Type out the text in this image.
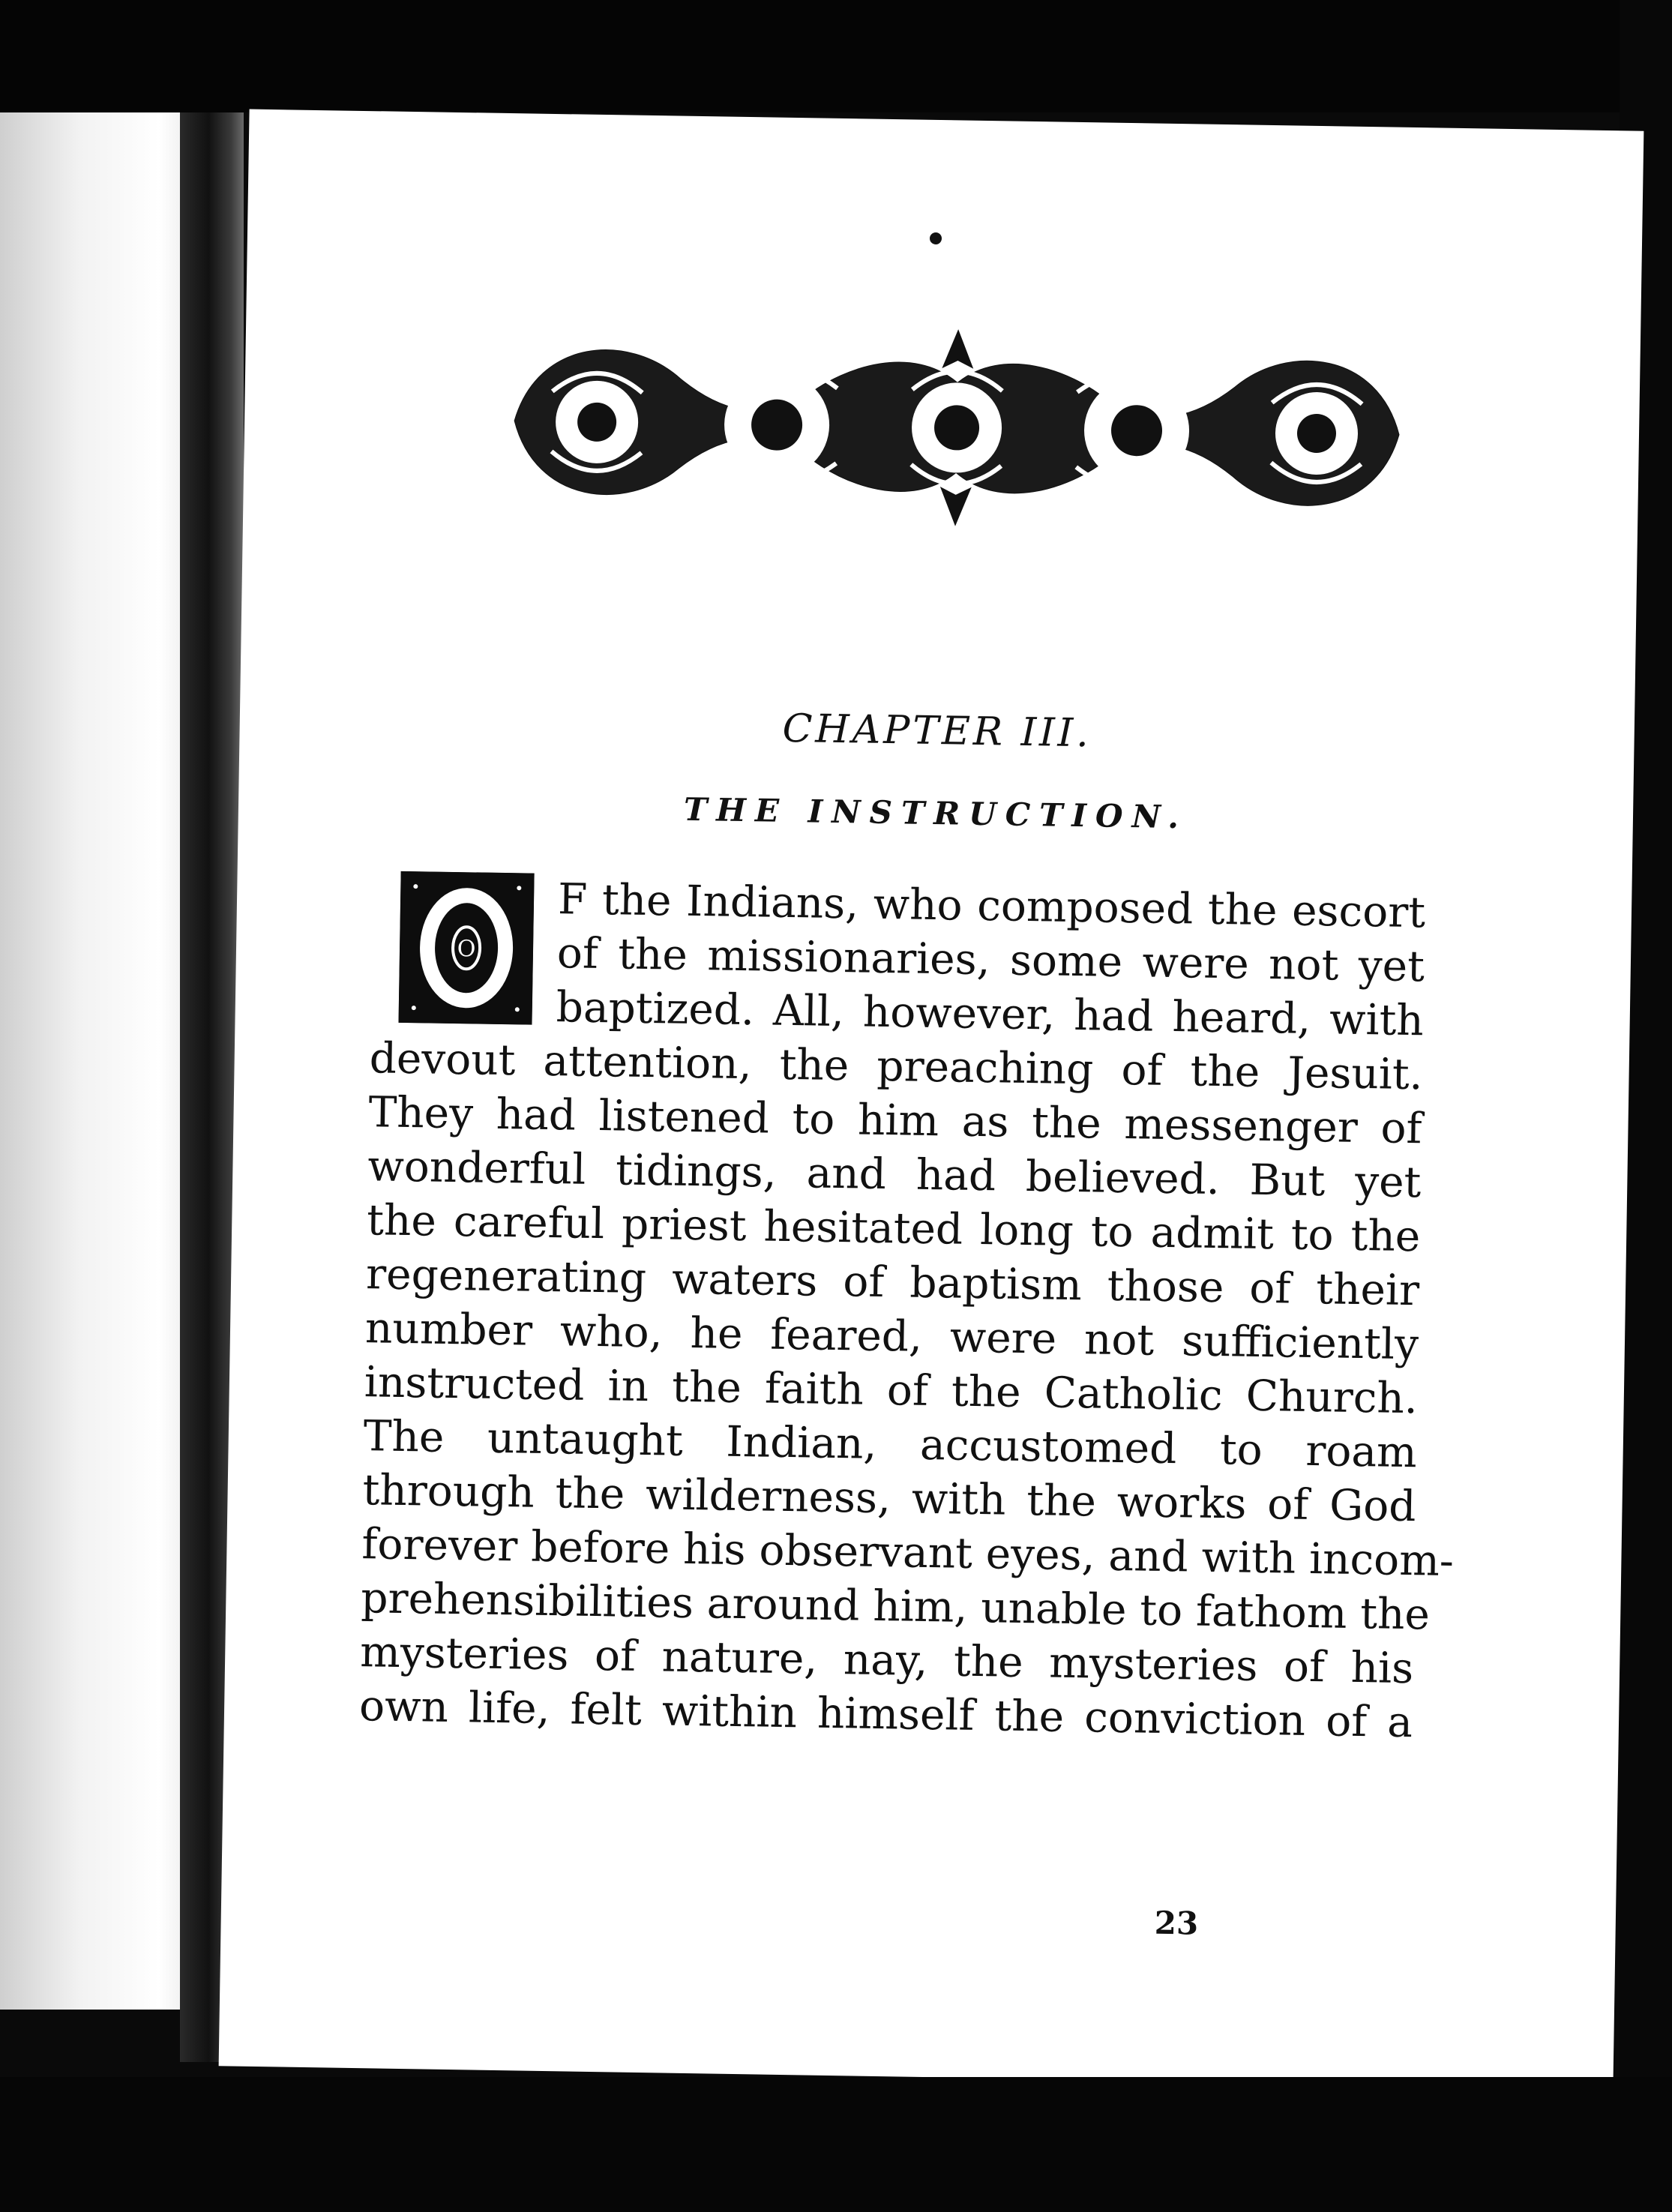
CHAPTER III.
THE INSTRUCTION.
O
F the Indians, who composed the escort
of the missionaries, some were not yet
baptized. All, however, had heard, with
devout attention, the preaching of the Jesuit.
They had listened to him as the messenger of
wonderful tidings, and had believed. But yet
the careful priest hesitated long to admit to the
regenerating waters of baptism those of their
number who, he feared, were not sufficiently
instructed in the faith of the Catholic Church.
The untaught Indian, accustomed to roam
through the wilderness, with the works of God
forever before his observant eyes, and with incom-
prehensibilities around him, unable to fathom the
mysteries of nature, nay, the mysteries of his
own life, felt within himself the conviction of a
23
